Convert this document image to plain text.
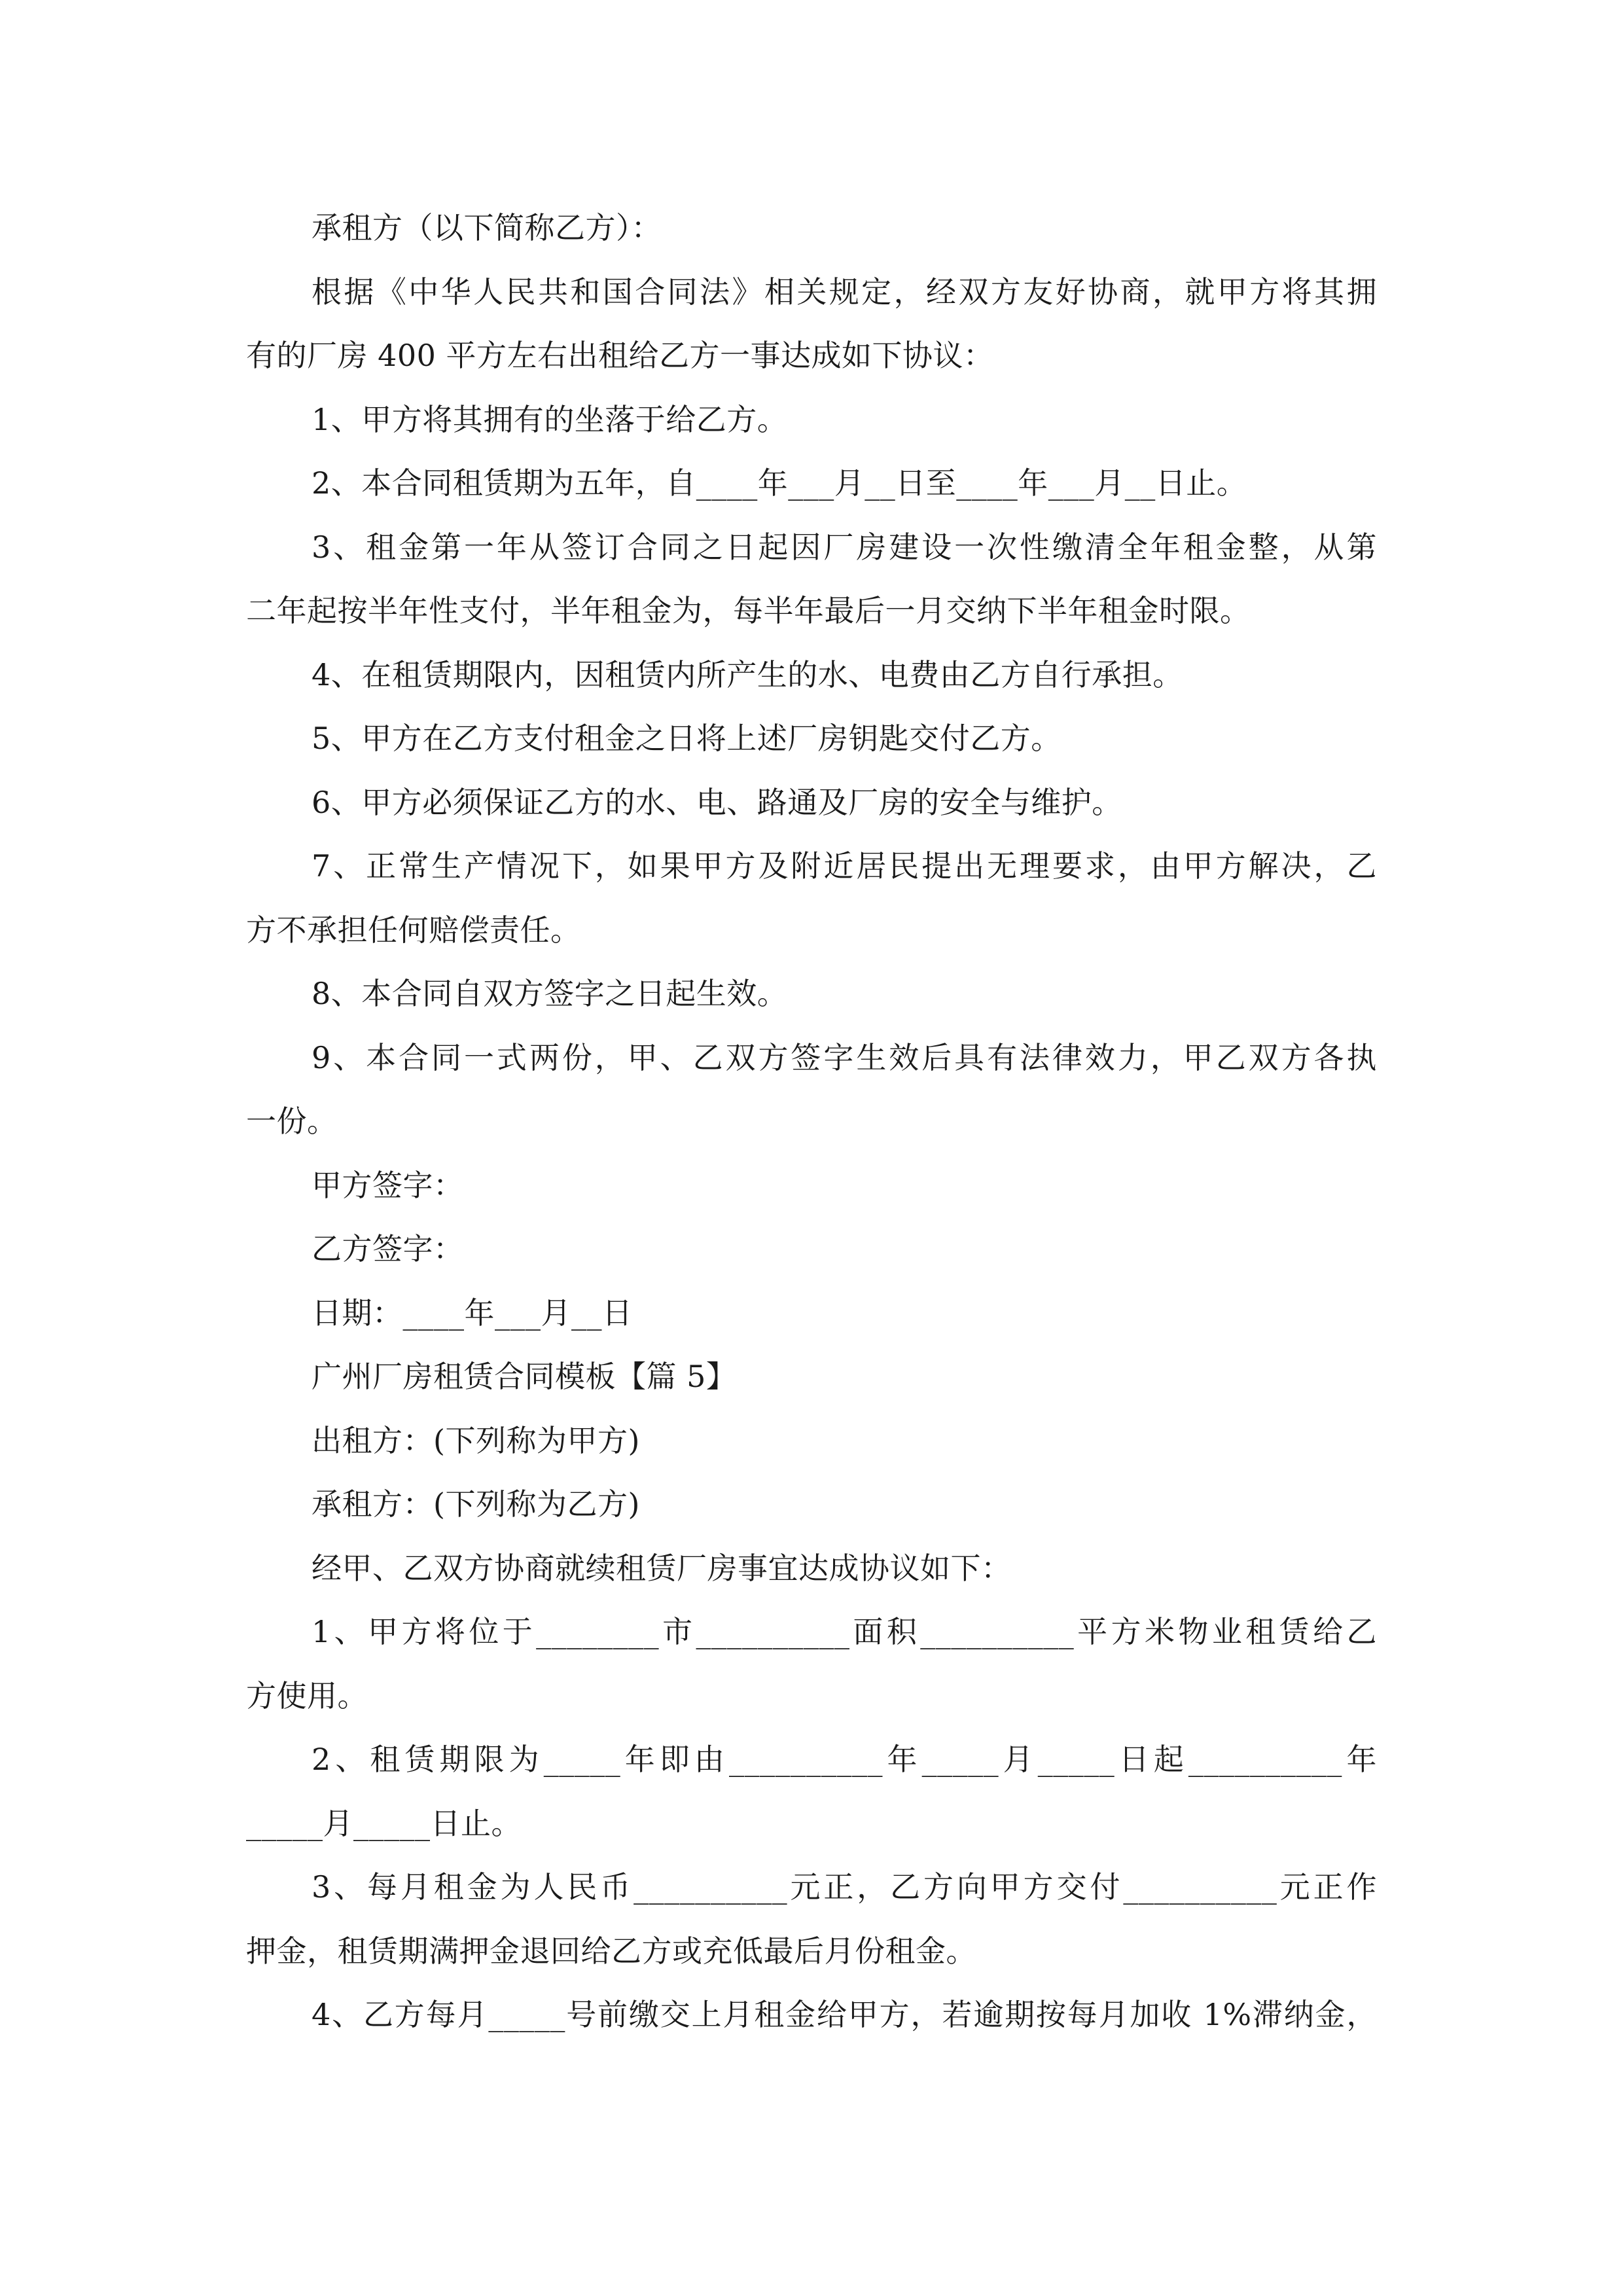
承租方（以下简称乙方）：
根据《中华人民共和国合同法》相关规定，经双方友好协商，就甲方将其拥
有的厂房 400 平方左右出租给乙方一事达成如下协议：
1、甲方将其拥有的坐落于给乙方。
2、本合同租赁期为五年，自____年___月__日至____年___月__日止。
3、租金第一年从签订合同之日起因厂房建设一次性缴清全年租金整，从第
二年起按半年性支付，半年租金为，每半年最后一月交纳下半年租金时限。
4、在租赁期限内，因租赁内所产生的水、电费由乙方自行承担。
5、甲方在乙方支付租金之日将上述厂房钥匙交付乙方。
6、甲方必须保证乙方的水、电、路通及厂房的安全与维护。
7、正常生产情况下，如果甲方及附近居民提出无理要求，由甲方解决，乙
方不承担任何赔偿责任。
8、本合同自双方签字之日起生效。
9、本合同一式两份，甲、乙双方签字生效后具有法律效力，甲乙双方各执
一份。
甲方签字：
乙方签字：
日期：____年___月__日
广州厂房租赁合同模板【篇 5】
出租方：(下列称为甲方)
承租方：(下列称为乙方)
经甲、乙双方协商就续租赁厂房事宜达成协议如下：
1、甲方将位于________市__________面积__________平方米物业租赁给乙
方使用。
2、租赁期限为_____年即由__________年_____月_____日起__________年
_____月_____日止。
3、每月租金为人民币__________元正，乙方向甲方交付__________元正作
押金，租赁期满押金退回给乙方或充低最后月份租金。
4、乙方每月_____号前缴交上月租金给甲方，若逾期按每月加收 1%滞纳金，
